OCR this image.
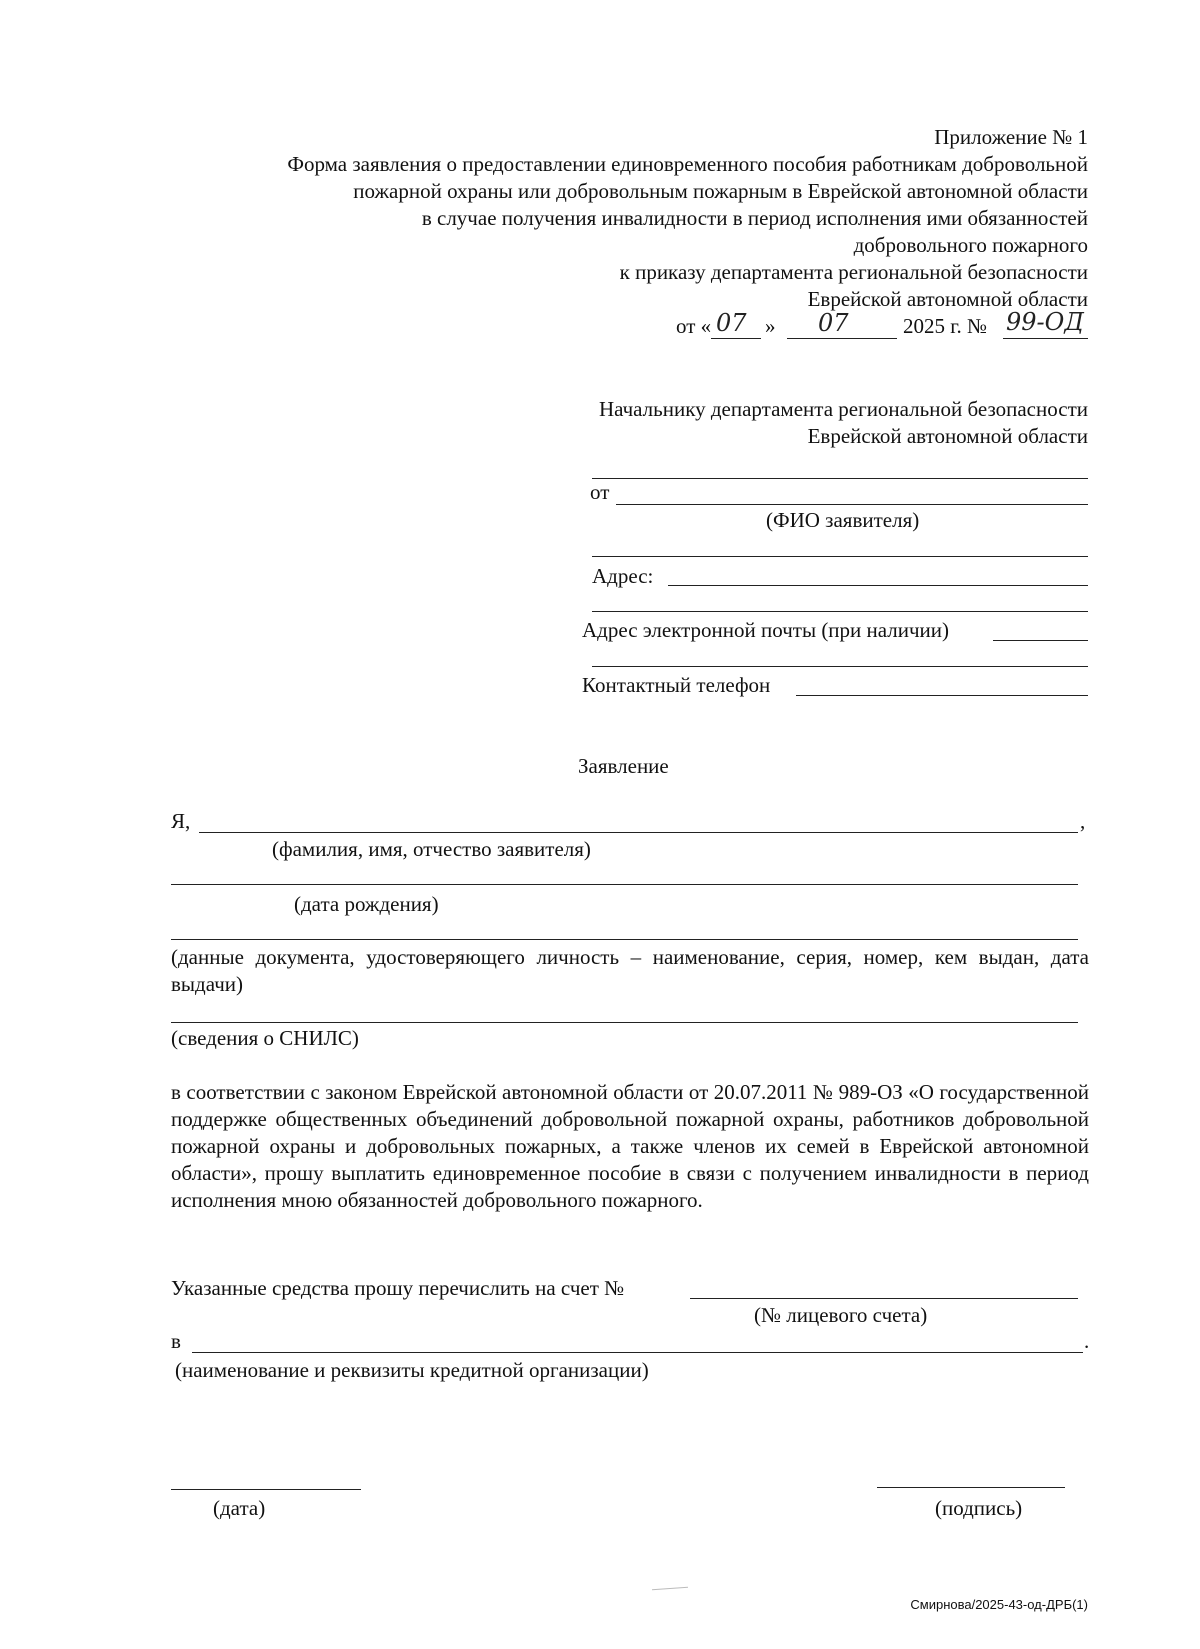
Приложение № 1
Форма заявления о предоставлении единовременного пособия работникам добровольной
пожарной охраны или добровольным пожарным в Еврейской автономной области
в случае получения инвалидности в период исполнения ими обязанностей
добровольного пожарного
к приказу департамента региональной безопасности
Еврейской автономной области
от « 07 » 07	2025 г. № 99-ОД
Начальнику департамента региональной безопасности
Еврейской автономной области
от
(ФИО заявителя)
Адрес:
Адрес электронной почты (при наличии)
Контактный телефон
Заявление
Я,	,
(фамилия, имя, отчество заявителя)
(дата рождения)
(данные документа, удостоверяющего личность – наименование, серия, номер, кем выдан, дата выдачи)
(сведения о СНИЛС)
в соответствии с законом Еврейской автономной области от 20.07.2011 № 989-ОЗ «О государственной поддержке общественных объединений добровольной пожарной охраны, работников добровольной пожарной охраны и добровольных пожарных, а также членов их семей в Еврейской автономной области», прошу выплатить единовременное пособие в связи с получением инвалидности в период исполнения мною обязанностей добровольного пожарного.
Указанные средства прошу перечислить на счет №
(№ лицевого счета)
в	.
(наименование и реквизиты кредитной организации)
(дата)	(подпись)
Смирнова/2025-43-од-ДРБ(1)
